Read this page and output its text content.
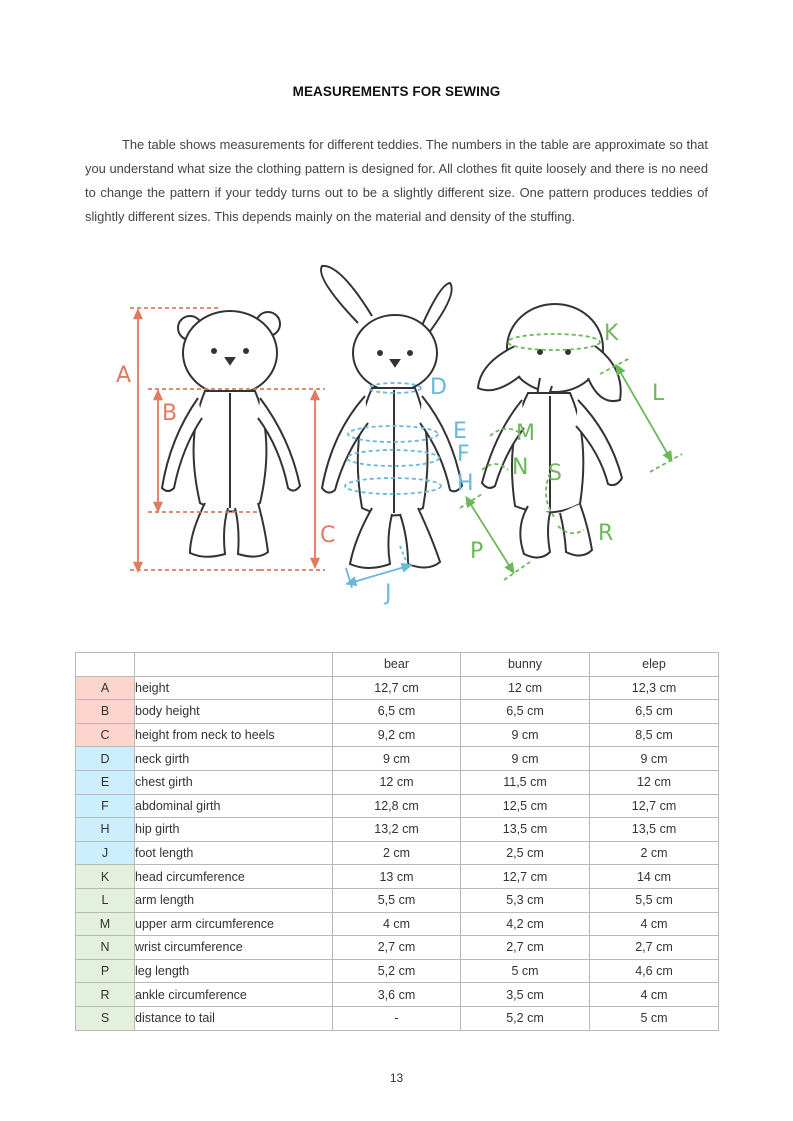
MEASUREMENTS FOR SEWING

The table shows measurements for different teddies. The numbers in the table are approximate so that you understand what size the clothing pattern is designed for. All clothes fit quite loosely and there is no need to change the pattern if your teddy turns out to be a slightly different size. One pattern produces teddies of slightly different sizes. This depends mainly on the material and density of the stuffing.

A
B
C
D
E
F
H
J
K
L
M
N S
P
R
		bear	bunny	elep
A	height	12,7 cm	12 cm	12,3 cm
B	body height	6,5 cm	6,5 cm	6,5 cm
C	height from neck to heels	9,2 cm	9 cm	8,5 cm
D	neck girth	9 cm	9 cm	9 cm
E	chest girth	12 cm	11,5 cm	12 cm
F	abdominal girth	12,8 cm	12,5 cm	12,7 cm
H	hip girth	13,2 cm	13,5 cm	13,5 cm
J	foot length	2 cm	2,5 cm	2 cm
K	head circumference	13 cm	12,7 cm	14 cm
L	arm length	5,5 cm	5,3 cm	5,5 cm
M	upper arm circumference	4 cm	4,2 cm	4 cm
N	wrist circumference	2,7 cm	2,7 cm	2,7 cm
P	leg length	5,2 cm	5 cm	4,6 cm
R	ankle circumference	3,6 cm	3,5 cm	4 cm
S	distance to tail	-	5,2 cm	5 cm
13
